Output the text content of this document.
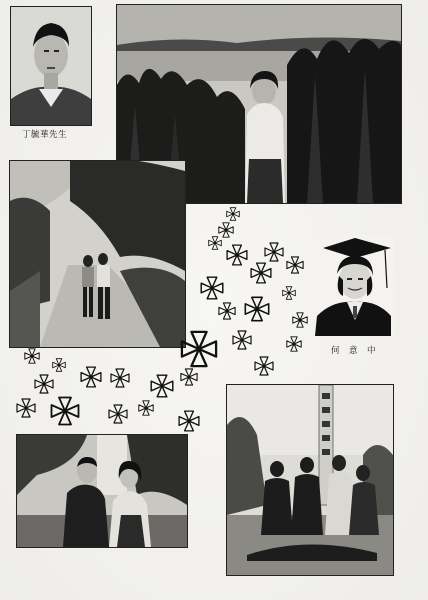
丁毓華先生
何　意　中
